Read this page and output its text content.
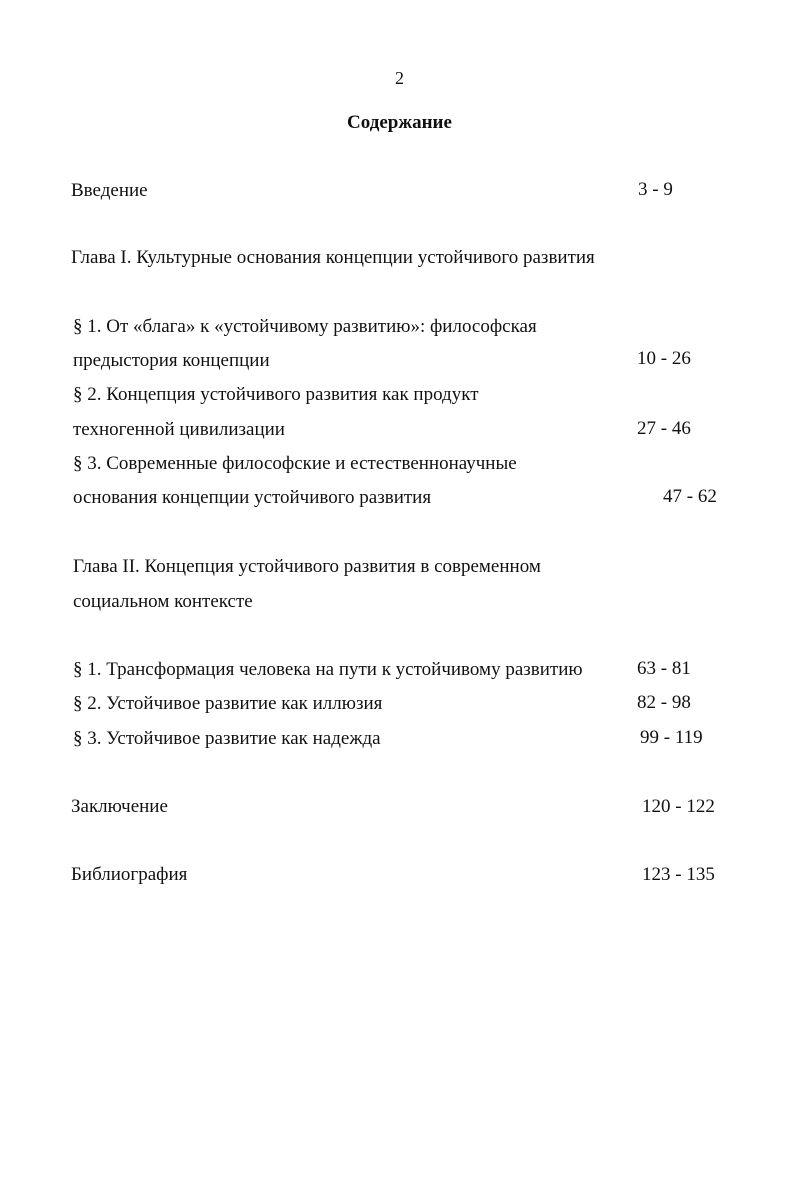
2
Содержание
Введение	3 - 9
Глава I. Культурные основания концепции устойчивого развития
§ 1. От «блага» к «устойчивому развитию»: философская
предыстория концепции	10 - 26
§ 2. Концепция устойчивого развития как продукт
техногенной цивилизации	27 - 46
§ 3. Современные философские и естественнонаучные
основания концепции устойчивого развития	47 - 62
Глава II. Концепция устойчивого развития в современном
социальном контексте
§ 1. Трансформация человека на пути к устойчивому развитию	63 - 81
§ 2. Устойчивое развитие как иллюзия	82 - 98
§ 3. Устойчивое развитие как надежда	99 - 119
Заключение	120 - 122
Библиография	123 - 135
